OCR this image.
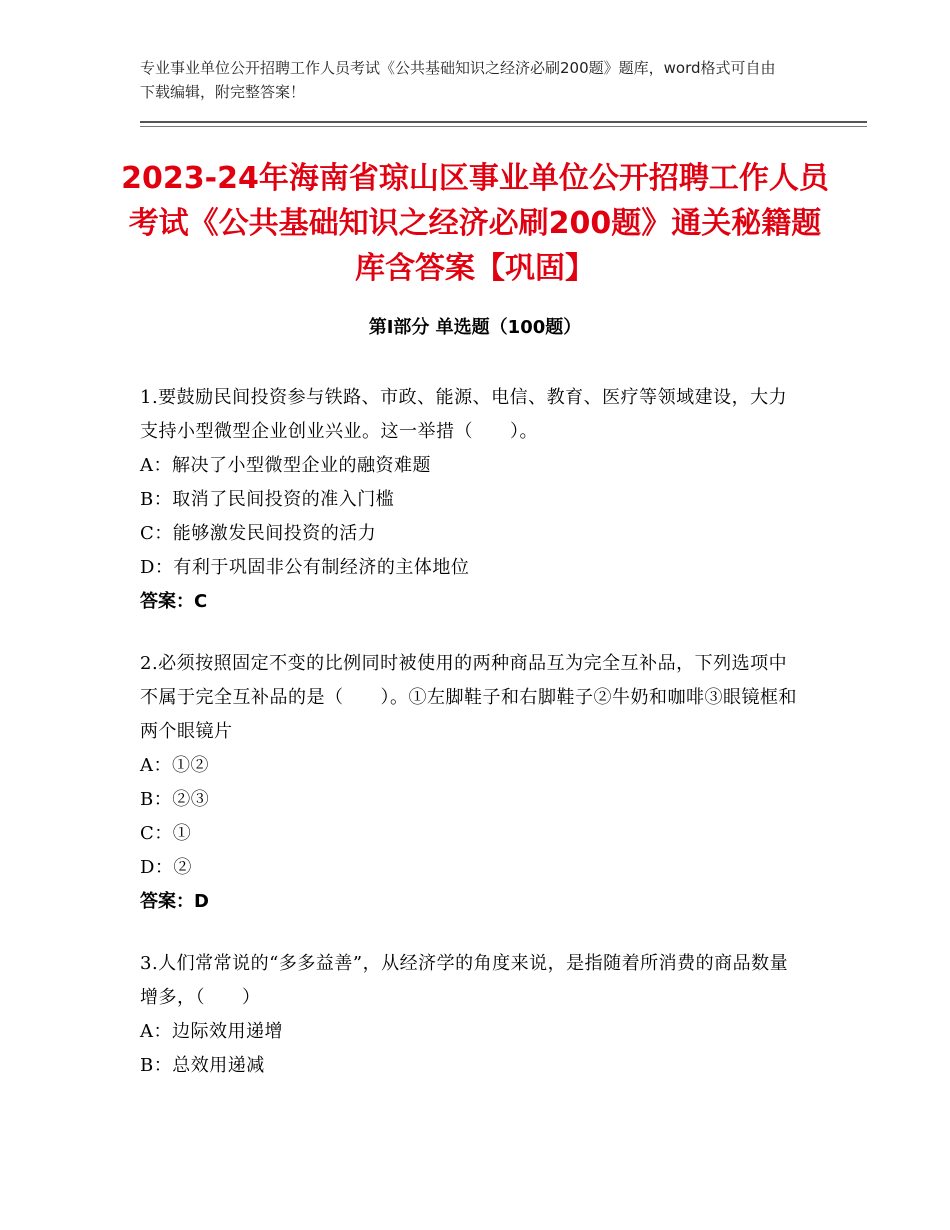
专业事业单位公开招聘工作人员考试《公共基础知识之经济必刷200题》题库，word格式可自由下载编辑，附完整答案！
2023-24年海南省琼山区事业单位公开招聘工作人员考试《公共基础知识之经济必刷200题》通关秘籍题库含答案【巩固】
第I部分 单选题（100题）
1.要鼓励民间投资参与铁路、市政、能源、电信、教育、医疗等领域建设，大力支持小型微型企业创业兴业。这一举措（　　）。
A：解决了小型微型企业的融资难题
B：取消了民间投资的准入门槛
C：能够激发民间投资的活力
D：有利于巩固非公有制经济的主体地位
答案：C
2.必须按照固定不变的比例同时被使用的两种商品互为完全互补品，下列选项中不属于完全互补品的是（　　）。①左脚鞋子和右脚鞋子②牛奶和咖啡③眼镜框和两个眼镜片
A：①②
B：②③
C：①
D：②
答案：D
3.人们常常说的“多多益善”，从经济学的角度来说，是指随着所消费的商品数量增多，（　　）
A：边际效用递增
B：总效用递减
